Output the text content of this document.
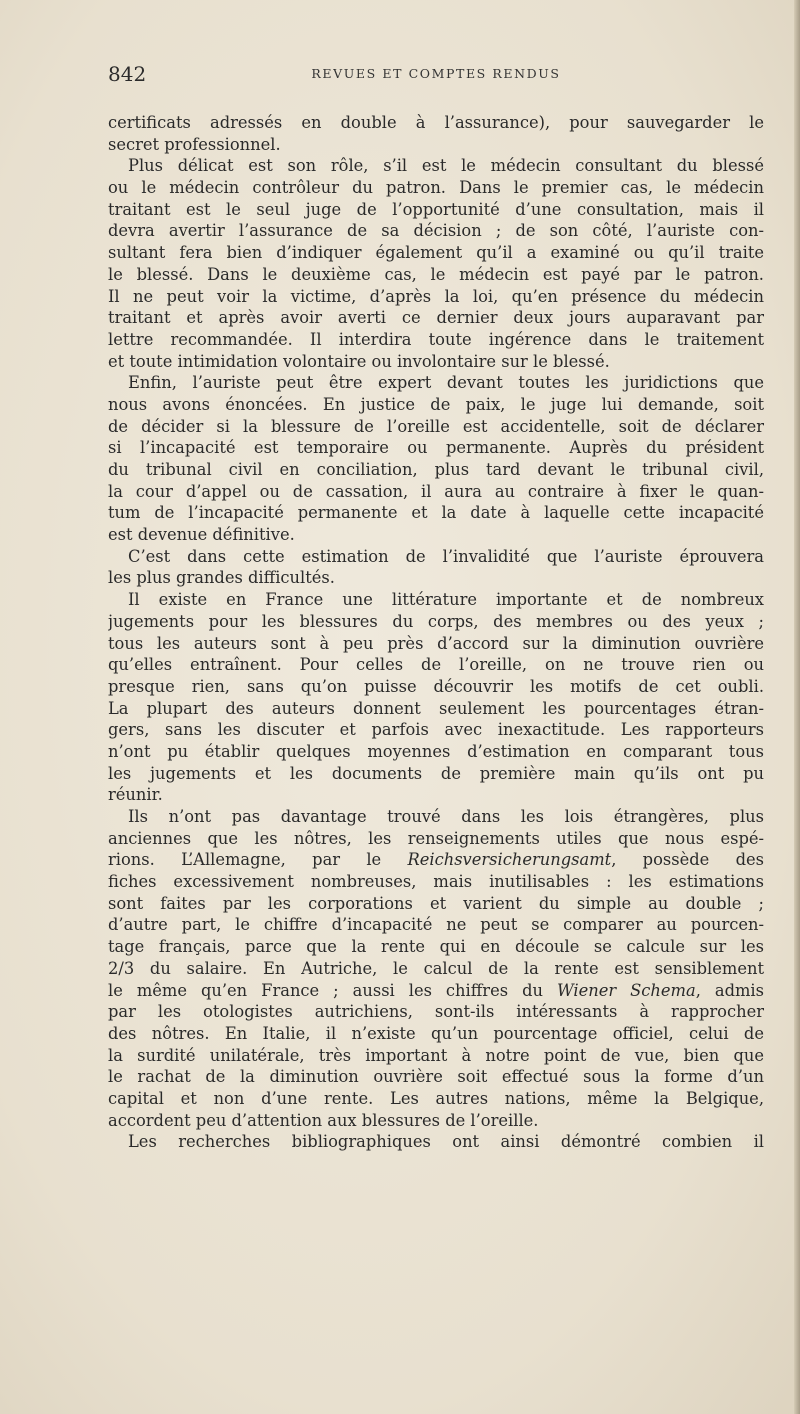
842	REVUES ET COMPTES RENDUS
certificats adressés en double à l’assurance), pour sauvegarder le
secret professionnel.
Plus délicat est son rôle, s’il est le médecin consultant du blessé
ou le médecin contrôleur du patron. Dans le premier cas, le médecin
traitant est le seul juge de l’opportunité d’une consultation, mais il
devra avertir l’assurance de sa décision ; de son côté, l’auriste con-
sultant fera bien d’indiquer également qu’il a examiné ou qu’il traite
le blessé. Dans le deuxième cas, le médecin est payé par le patron.
Il ne peut voir la victime, d’après la loi, qu’en présence du médecin
traitant et après avoir averti ce dernier deux jours auparavant par
lettre recommandée. Il interdira toute ingérence dans le traitement
et toute intimidation volontaire ou involontaire sur le blessé.
Enfin, l’auriste peut être expert devant toutes les juridictions que
nous avons énoncées. En justice de paix, le juge lui demande, soit
de décider si la blessure de l’oreille est accidentelle, soit de déclarer
si l’incapacité est temporaire ou permanente. Auprès du président
du tribunal civil en conciliation, plus tard devant le tribunal civil,
la cour d’appel ou de cassation, il aura au contraire à fixer le quan-
tum de l’incapacité permanente et la date à laquelle cette incapacité
est devenue définitive.
C’est dans cette estimation de l’invalidité que l’auriste éprouvera
les plus grandes difficultés.
Il existe en France une littérature importante et de nombreux
jugements pour les blessures du corps, des membres ou des yeux ;
tous les auteurs sont à peu près d’accord sur la diminution ouvrière
qu’elles entraînent. Pour celles de l’oreille, on ne trouve rien ou
presque rien, sans qu’on puisse découvrir les motifs de cet oubli.
La plupart des auteurs donnent seulement les pourcentages étran-
gers, sans les discuter et parfois avec inexactitude. Les rapporteurs
n’ont pu établir quelques moyennes d’estimation en comparant tous
les jugements et les documents de première main qu’ils ont pu
réunir.
Ils n’ont pas davantage trouvé dans les lois étrangères, plus
anciennes que les nôtres, les renseignements utiles que nous espé-
rions. L’Allemagne, par le Reichsversicherungsamt, possède des
fiches excessivement nombreuses, mais inutilisables : les estimations
sont faites par les corporations et varient du simple au double ;
d’autre part, le chiffre d’incapacité ne peut se comparer au pourcen-
tage français, parce que la rente qui en découle se calcule sur les
2/3 du salaire. En Autriche, le calcul de la rente est sensiblement
le même qu’en France ; aussi les chiffres du Wiener Schema, admis
par les otologistes autrichiens, sont-ils intéressants à rapprocher
des nôtres. En Italie, il n’existe qu’un pourcentage officiel, celui de
la surdité unilatérale, très important à notre point de vue, bien que
le rachat de la diminution ouvrière soit effectué sous la forme d’un
capital et non d’une rente. Les autres nations, même la Belgique,
accordent peu d’attention aux blessures de l’oreille.
Les recherches bibliographiques ont ainsi démontré combien il
